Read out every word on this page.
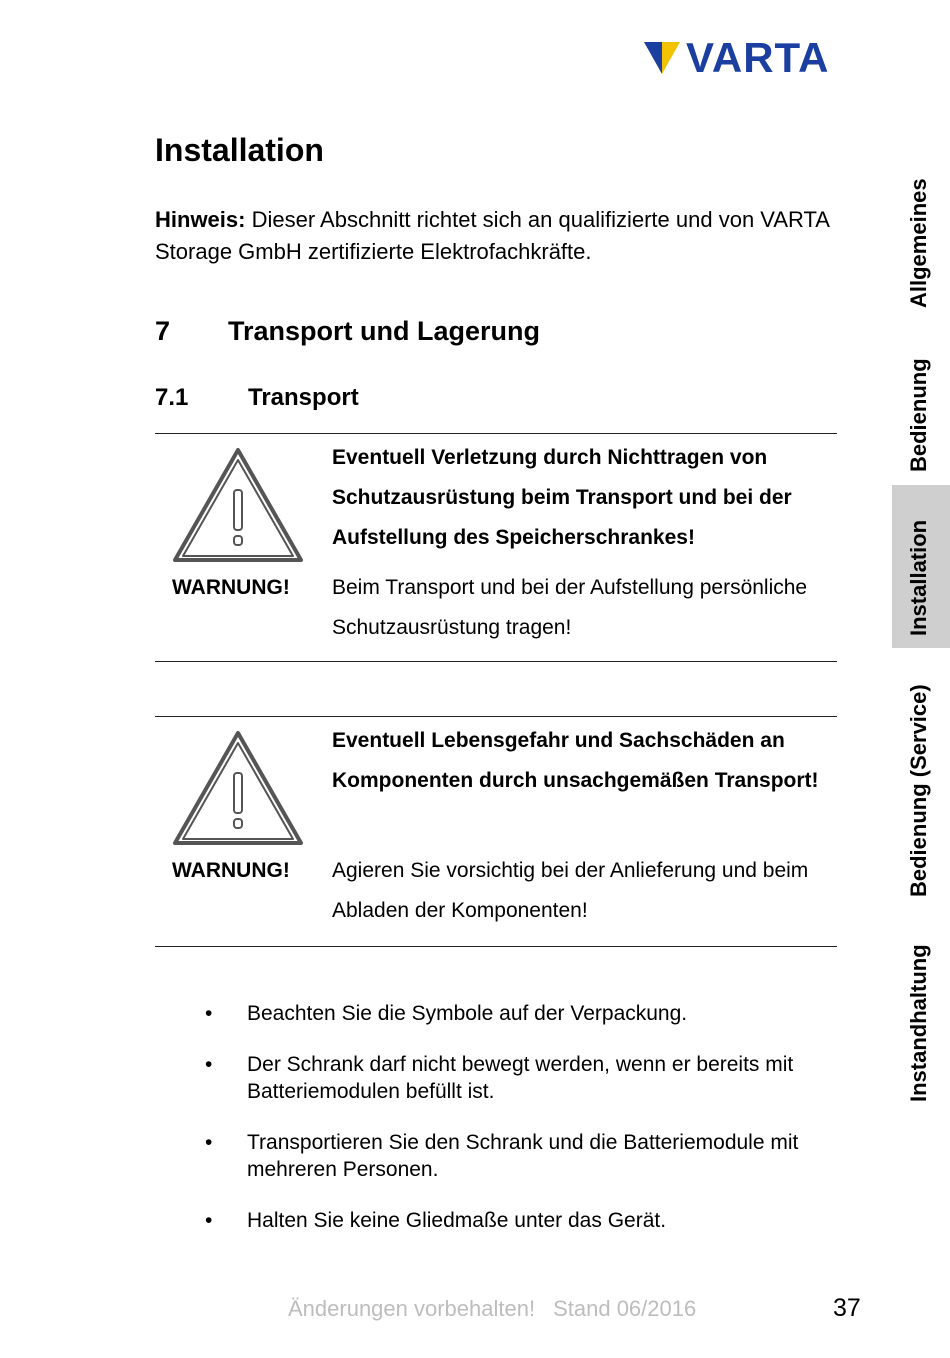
VARTA
Installation
Hinweis: Dieser Abschnitt richtet sich an qualifizierte und von VARTA Storage GmbH zertifizierte Elektrofachkräfte.
7 Transport und Lagerung
7.1 Transport
WARNUNG!
Eventuell Verletzung durch Nichttragen von Schutzausrüstung beim Transport und bei der Aufstellung des Speicherschrankes!
Beim Transport und bei der Aufstellung persönliche Schutzausrüstung tragen!
WARNUNG!
Eventuell Lebensgefahr und Sachschäden an Komponenten durch unsachgemäßen Transport!
Agieren Sie vorsichtig bei der Anlieferung und beim Abladen der Komponenten!
• Beachten Sie die Symbole auf der Verpackung.
• Der Schrank darf nicht bewegt werden, wenn er bereits mit Batteriemodulen befüllt ist.
• Transportieren Sie den Schrank und die Batteriemodule mit mehreren Personen.
• Halten Sie keine Gliedmaße unter das Gerät.
Änderungen vorbehalten! Stand 06/2016	37
Allgemeines
Bedienung
Installation
Bedienung (Service)
Instandhaltung
